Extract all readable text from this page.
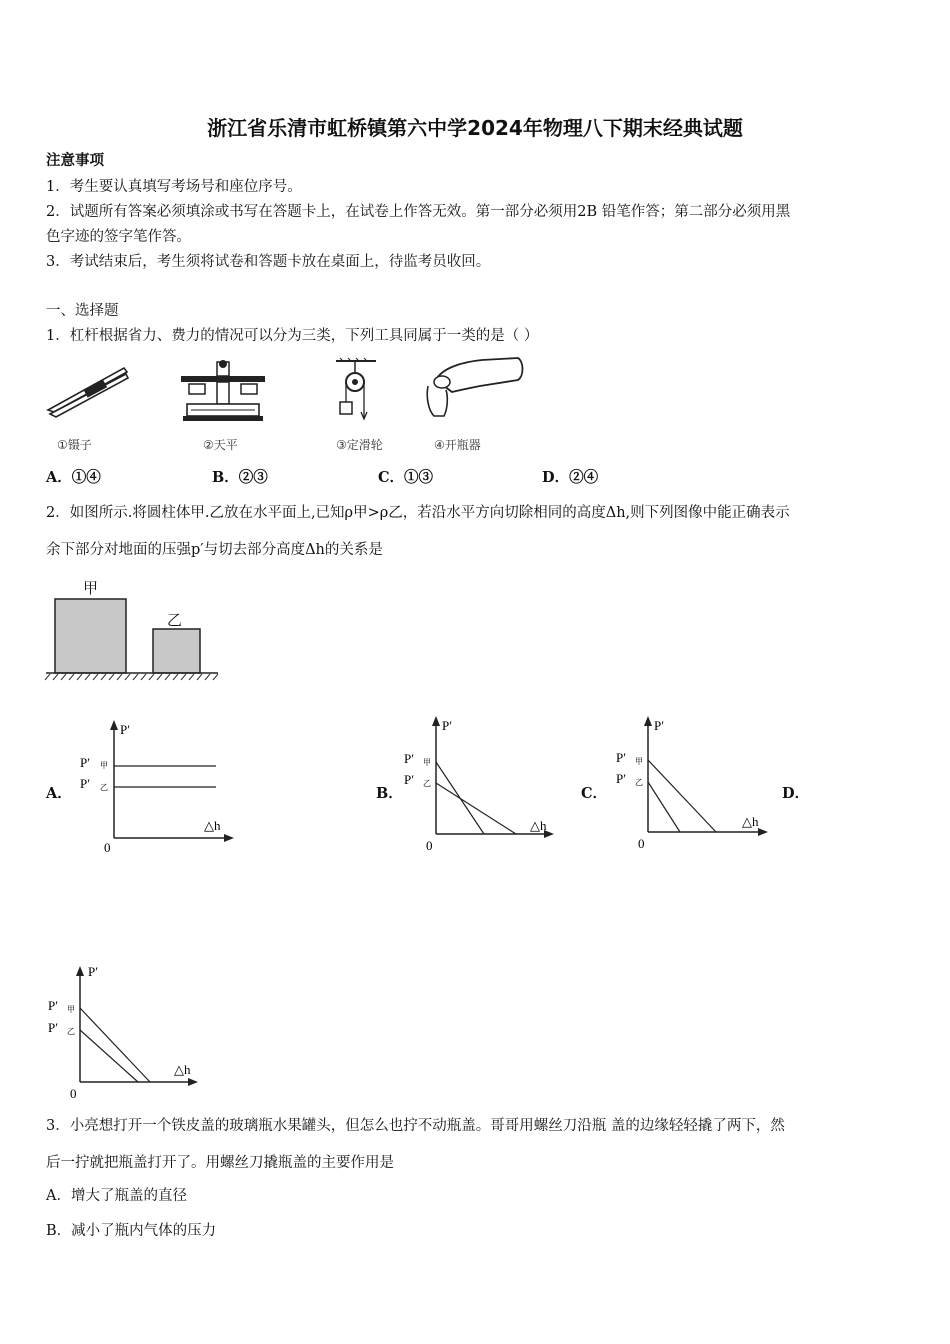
浙江省乐清市虹桥镇第六中学2024年物理八下期末经典试题
注意事项
1．考生要认真填写考场号和座位序号。
2．试题所有答案必须填涂或书写在答题卡上，在试卷上作答无效。第一部分必须用2B 铅笔作答；第二部分必须用黑
色字迹的签字笔作答。
3．考试结束后，考生须将试卷和答题卡放在桌面上，待监考员收回。
一、选择题
1．杠杆根据省力、费力的情况可以分为三类，下列工具同属于一类的是（ ）
①镊子	②天平	③定滑轮	④开瓶器
A．①④	B．②③	C．①③	D．②④
2．如图所示.将圆柱体甲.乙放在水平面上,已知ρ甲>ρ乙，若沿水平方向切除相同的高度Δh,则下列图像中能正确表示
余下部分对地面的压强p′与切去部分高度Δh的关系是
甲
乙
A．	B．	C．	D．
P′
P′ 甲
P′ 乙
△h
0
P′
P′ 甲
P′ 乙
△h
0
P′
P′ 甲
P′ 乙
△h
0
P′
P′ 甲
P′ 乙
△h
0
3．小亮想打开一个铁皮盖的玻璃瓶水果罐头，但怎么也拧不动瓶盖。哥哥用螺丝刀沿瓶 盖的边缘轻轻撬了两下，然
后一拧就把瓶盖打开了。用螺丝刀撬瓶盖的主要作用是
A．增大了瓶盖的直径
B．减小了瓶内气体的压力
